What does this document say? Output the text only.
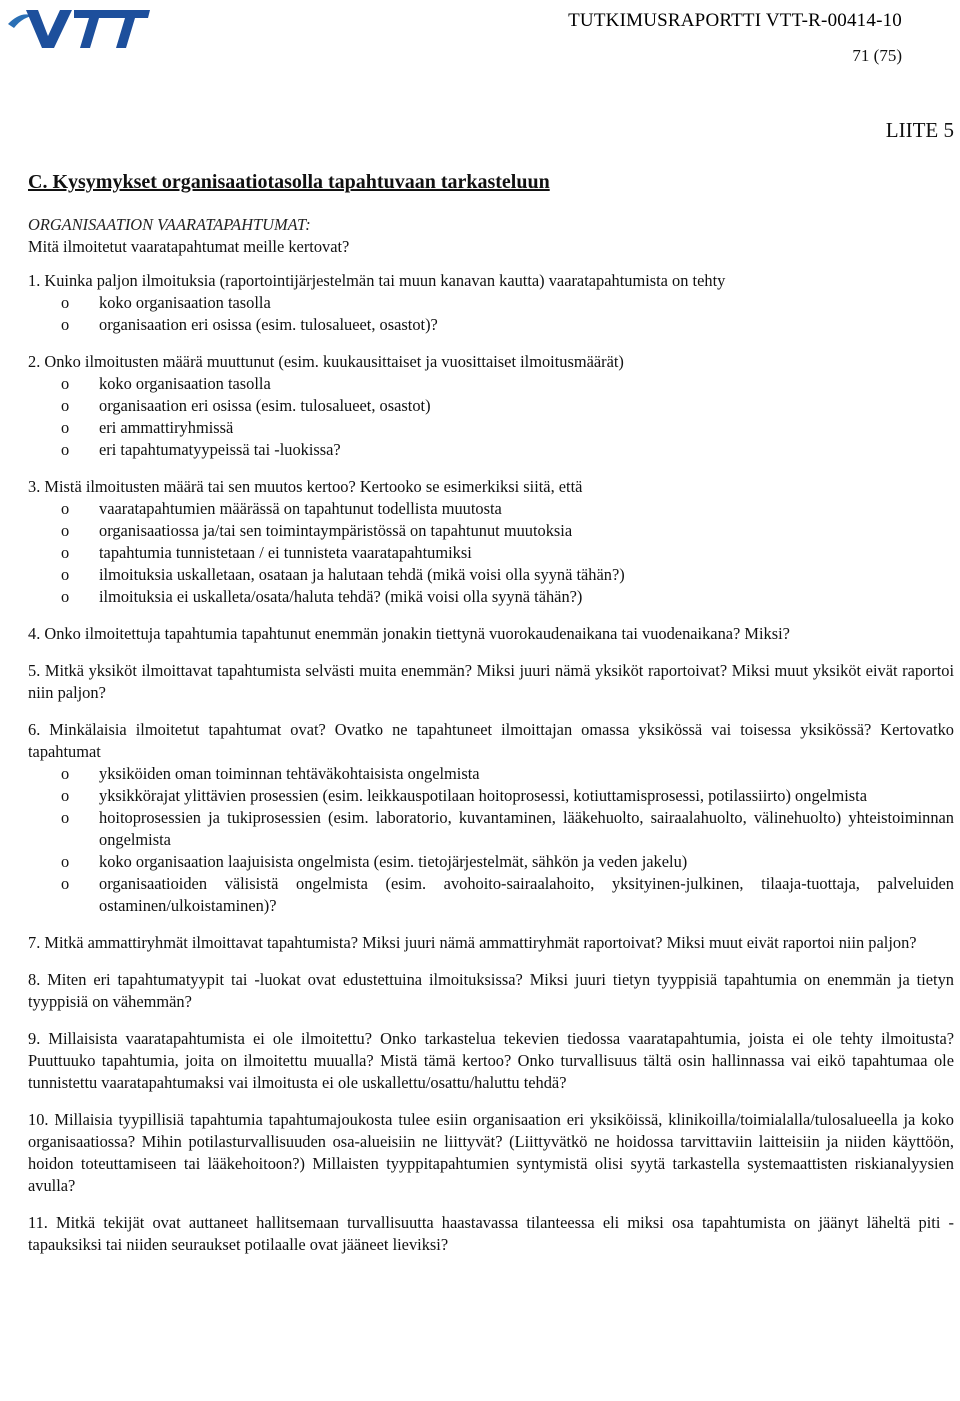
TUTKIMUSRAPORTTI VTT-R-00414-10
71 (75)
LIITE 5
C. Kysymykset organisaatiotasolla tapahtuvaan tarkasteluun
ORGANISAATION VAARATAPAHTUMAT:
Mitä ilmoitetut vaaratapahtumat meille kertovat?
1. Kuinka paljon ilmoituksia (raportointijärjestelmän tai muun kanavan kautta) vaaratapahtumista on tehty
o koko organisaation tasolla
o organisaation eri osissa (esim. tulosalueet, osastot)?
2. Onko ilmoitusten määrä muuttunut (esim. kuukausittaiset ja vuosittaiset ilmoitusmäärät)
o koko organisaation tasolla
o organisaation eri osissa (esim. tulosalueet, osastot)
o eri ammattiryhmissä
o eri tapahtumatyypeissä tai -luokissa?
3. Mistä ilmoitusten määrä tai sen muutos kertoo? Kertooko se esimerkiksi siitä, että
o vaaratapahtumien määrässä on tapahtunut todellista muutosta
o organisaatiossa ja/tai sen toimintaympäristössä on tapahtunut muutoksia
o tapahtumia tunnistetaan / ei tunnisteta vaaratapahtumiksi
o ilmoituksia uskalletaan, osataan ja halutaan tehdä (mikä voisi olla syynä tähän?)
o ilmoituksia ei uskalleta/osata/haluta tehdä? (mikä voisi olla syynä tähän?)
4. Onko ilmoitettuja tapahtumia tapahtunut enemmän jonakin tiettynä vuorokaudenaikana tai vuodenaikana? Miksi?
5. Mitkä yksiköt ilmoittavat tapahtumista selvästi muita enemmän? Miksi juuri nämä yksiköt raportoivat? Miksi muut yksiköt eivät raportoi niin paljon?
6. Minkälaisia ilmoitetut tapahtumat ovat? Ovatko ne tapahtuneet ilmoittajan omassa yksikössä vai toisessa yksikössä? Kertovatko tapahtumat
o yksiköiden oman toiminnan tehtäväkohtaisista ongelmista
o yksikkörajat ylittävien prosessien (esim. leikkauspotilaan hoitoprosessi, kotiuttamisprosessi, potilassiirto) ongelmista
o hoitoprosessien ja tukiprosessien (esim. laboratorio, kuvantaminen, lääkehuolto, sairaalahuolto, välinehuolto) yhteistoiminnan ongelmista
o koko organisaation laajuisista ongelmista (esim. tietojärjestelmät, sähkön ja veden jakelu)
o organisaatioiden välisistä ongelmista (esim. avohoito-sairaalahoito, yksityinen-julkinen, tilaaja-tuottaja, palveluiden ostaminen/ulkoistaminen)?
7. Mitkä ammattiryhmät ilmoittavat tapahtumista? Miksi juuri nämä ammattiryhmät raportoivat? Miksi muut eivät raportoi niin paljon?
8. Miten eri tapahtumatyypit tai -luokat ovat edustettuina ilmoituksissa? Miksi juuri tietyn tyyppisiä tapahtumia on enemmän ja tietyn tyyppisiä on vähemmän?
9. Millaisista vaaratapahtumista ei ole ilmoitettu? Onko tarkastelua tekevien tiedossa vaaratapahtumia, joista ei ole tehty ilmoitusta? Puuttuuko tapahtumia, joita on ilmoitettu muualla? Mistä tämä kertoo? Onko turvallisuus tältä osin hallinnassa vai eikö tapahtumaa ole tunnistettu vaaratapahtumaksi vai ilmoitusta ei ole uskallettu/osattu/haluttu tehdä?
10. Millaisia tyypillisiä tapahtumia tapahtumajoukosta tulee esiin organisaation eri yksiköissä, klinikoilla/toimialalla/tulosalueella ja koko organisaatiossa? Mihin potilasturvallisuuden osa-alueisiin ne liittyvät? (Liittyvätkö ne hoidossa tarvittaviin laitteisiin ja niiden käyttöön, hoidon toteuttamiseen tai lääkehoitoon?) Millaisten tyyppitapahtumien syntymistä olisi syytä tarkastella systemaattisten riskianalyysien avulla?
11. Mitkä tekijät ovat auttaneet hallitsemaan turvallisuutta haastavassa tilanteessa eli miksi osa tapahtumista on jäänyt läheltä piti -tapauksiksi tai niiden seuraukset potilaalle ovat jääneet lieviksi?
